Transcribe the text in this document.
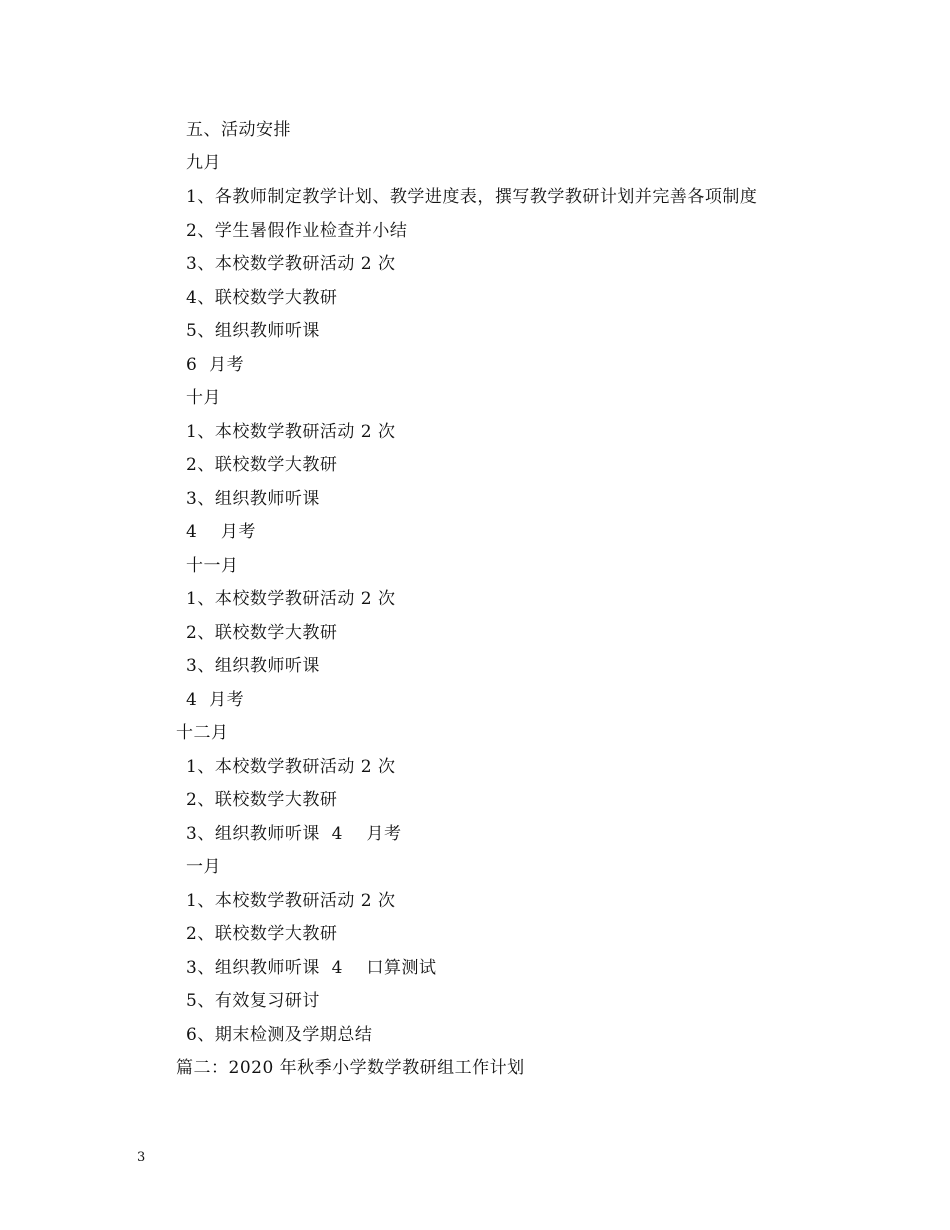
五、活动安排
九月
1、各教师制定教学计划、教学进度表，撰写教学教研计划并完善各项制度
2、学生暑假作业检查并小结
3、本校数学教研活动 2 次
4、联校数学大教研
5、组织教师听课
6  月考
十月
1、本校数学教研活动 2 次
2、联校数学大教研
3、组织教师听课
4    月考
十一月
1、本校数学教研活动 2 次
2、联校数学大教研
3、组织教师听课
4  月考
十二月
1、本校数学教研活动 2 次
2、联校数学大教研
3、组织教师听课  4    月考
一月
1、本校数学教研活动 2 次
2、联校数学大教研
3、组织教师听课  4    口算测试
5、有效复习研讨
6、期末检测及学期总结
篇二：2020 年秋季小学数学教研组工作计划
3
